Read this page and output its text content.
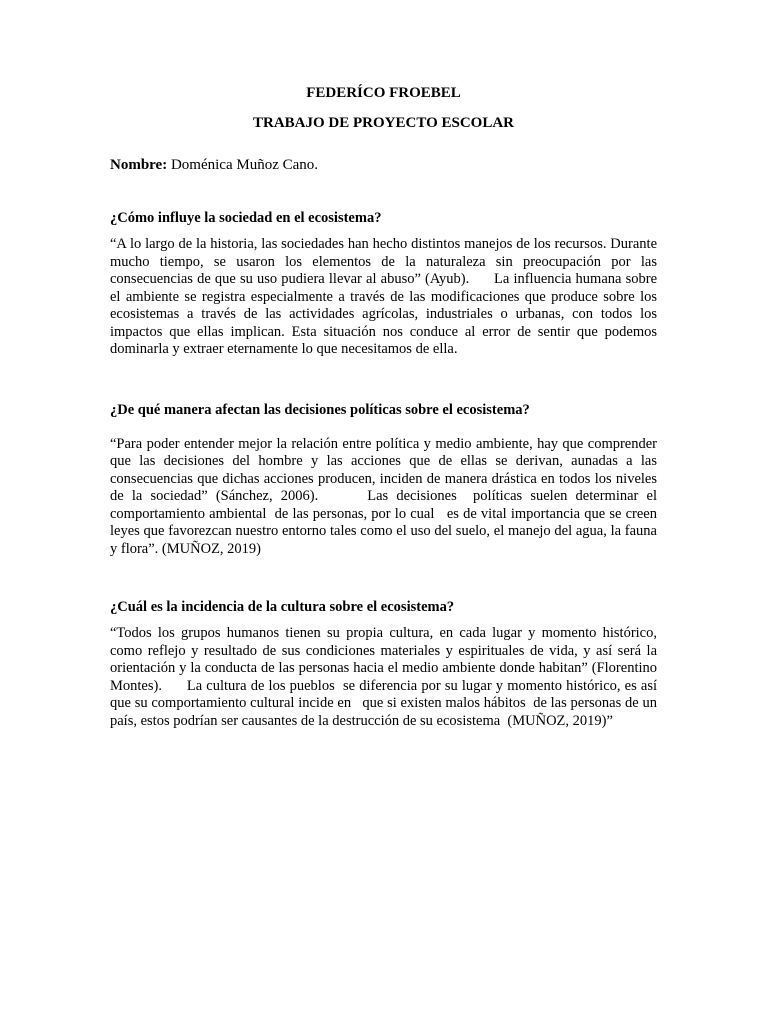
FEDERÍCO FROEBEL

TRABAJO DE PROYECTO ESCOLAR

Nombre: Doménica Muñoz Cano.

¿Cómo influye la sociedad en el ecosistema?

“A lo largo de la historia, las sociedades han hecho distintos manejos de los recursos. Durante mucho tiempo, se usaron los elementos de la naturaleza sin preocupación por las consecuencias de que su uso pudiera llevar al abuso” (Ayub).      La influencia humana sobre el ambiente se registra especialmente a través de las modificaciones que produce sobre los ecosistemas a través de las actividades agrícolas, industriales o urbanas, con todos los impactos que ellas implican. Esta situación nos conduce al error de sentir que podemos dominarla y extraer eternamente lo que necesitamos de ella.

¿De qué manera afectan las decisiones políticas sobre el ecosistema?

“Para poder entender mejor la relación entre política y medio ambiente, hay que comprender que las decisiones del hombre y las acciones que de ellas se derivan, aunadas a las consecuencias que dichas acciones producen, inciden de manera drástica en todos los niveles de la sociedad” (Sánchez, 2006).      Las decisiones  políticas suelen determinar el comportamiento ambiental  de las personas, por lo cual   es de vital importancia que se creen leyes que favorezcan nuestro entorno tales como el uso del suelo, el manejo del agua, la fauna y flora”. (MUÑOZ, 2019)

¿Cuál es la incidencia de la cultura sobre el ecosistema?

“Todos los grupos humanos tienen su propia cultura, en cada lugar y momento histórico, como reflejo y resultado de sus condiciones materiales y espirituales de vida, y así será la orientación y la conducta de las personas hacia el medio ambiente donde habitan” (Florentino Montes).      La cultura de los pueblos  se diferencia por su lugar y momento histórico, es así que su comportamiento cultural incide en   que si existen malos hábitos  de las personas de un país, estos podrían ser causantes de la destrucción de su ecosistema  (MUÑOZ, 2019)”
